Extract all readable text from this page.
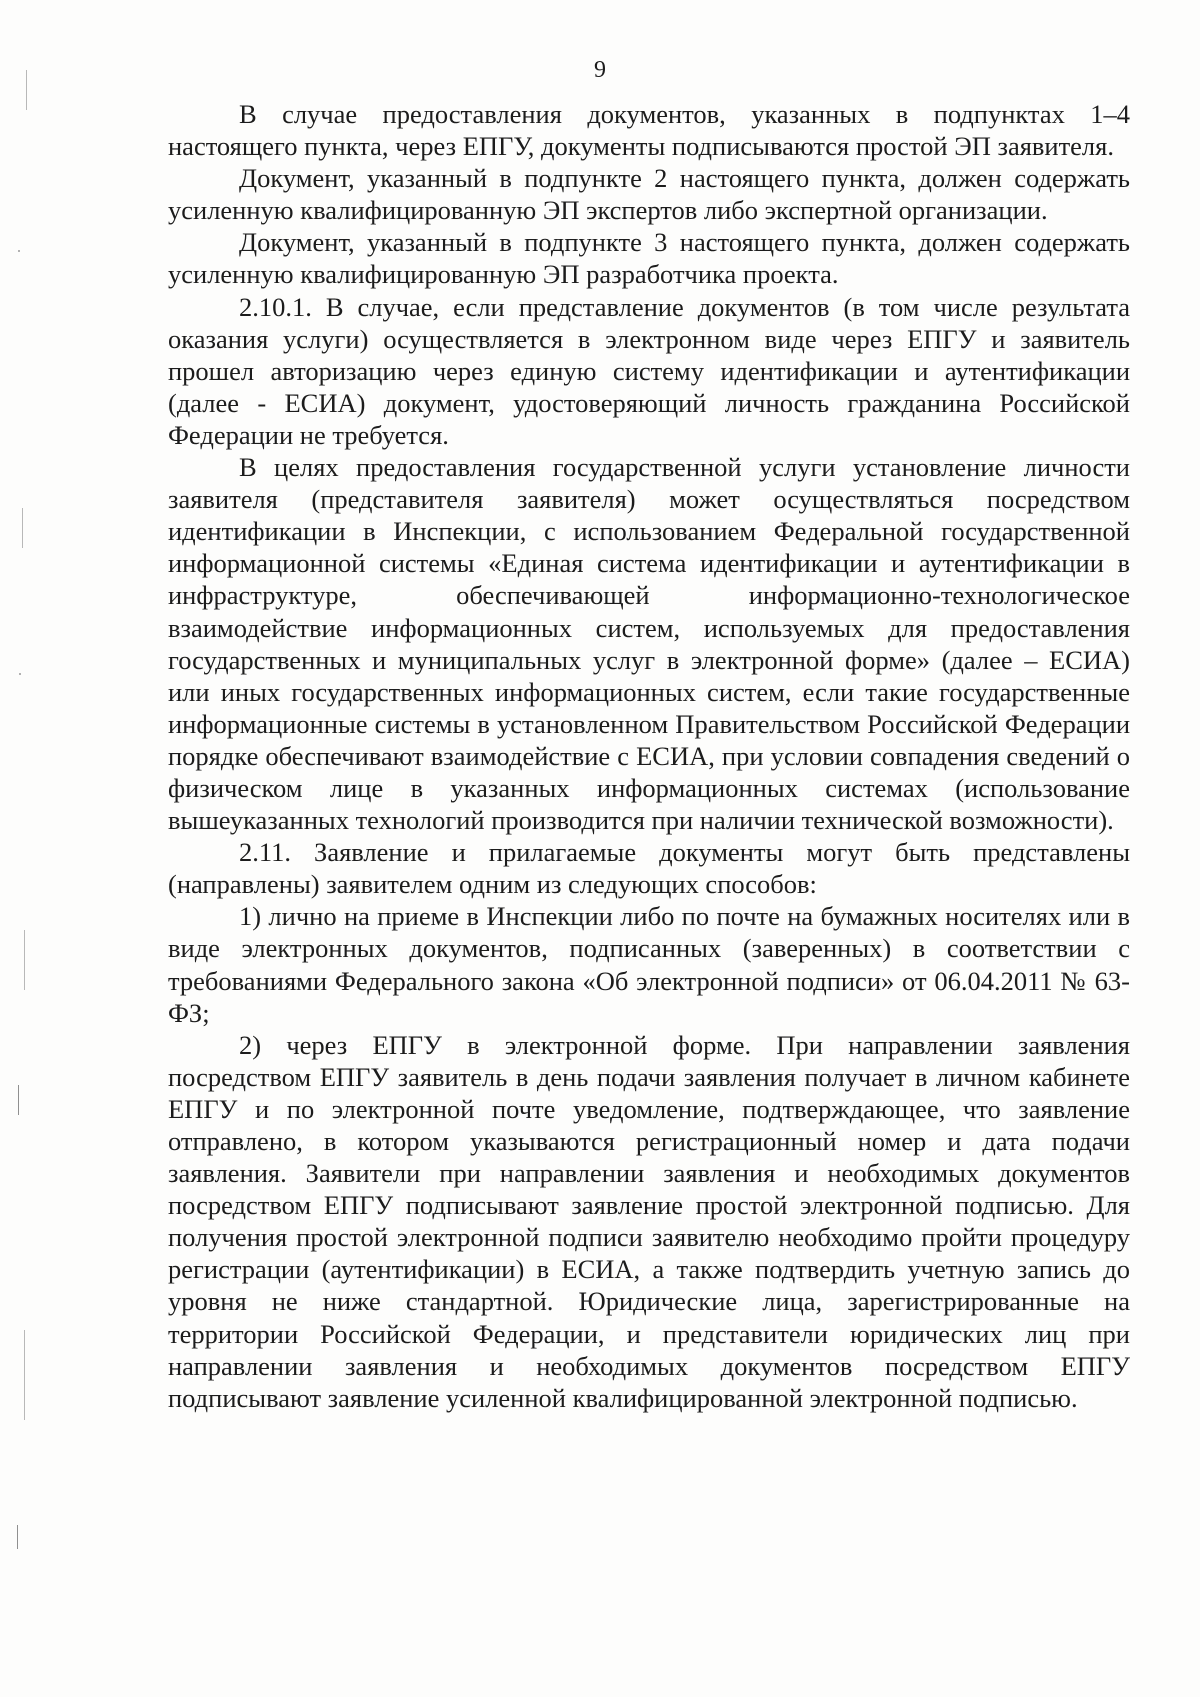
9

В случае предоставления документов, указанных в подпунктах 1–4 настоящего пункта, через ЕПГУ, документы подписываются простой ЭП заявителя.

Документ, указанный в подпункте 2 настоящего пункта, должен содержать усиленную квалифицированную ЭП экспертов либо экспертной организации.

Документ, указанный в подпункте 3 настоящего пункта, должен содержать усиленную квалифицированную ЭП разработчика проекта.

2.10.1. В случае, если представление документов (в том числе результата оказания услуги) осуществляется в электронном виде через ЕПГУ и заявитель прошел авторизацию через единую систему идентификации и аутентификации (далее - ЕСИА) документ, удостоверяющий личность гражданина Российской Федерации не требуется.

В целях предоставления государственной услуги установление личности заявителя (представителя заявителя) может осуществляться посредством идентификации в Инспекции, с использованием Федеральной государственной информационной системы «Единая система идентификации и аутентификации в инфраструктуре, обеспечивающей информационно-технологическое взаимодействие информационных систем, используемых для предоставления государственных и муниципальных услуг в электронной форме» (далее – ЕСИА) или иных государственных информационных систем, если такие государственные информационные системы в установленном Правительством Российской Федерации порядке обеспечивают взаимодействие с ЕСИА, при условии совпадения сведений о физическом лице в указанных информационных системах (использование вышеуказанных технологий производится при наличии технической возможности).

2.11. Заявление и прилагаемые документы могут быть представлены (направлены) заявителем одним из следующих способов:

1) лично на приеме в Инспекции либо по почте на бумажных носителях или в виде электронных документов, подписанных (заверенных) в соответствии с требованиями Федерального закона «Об электронной подписи» от 06.04.2011 № 63-ФЗ;

2) через ЕПГУ в электронной форме. При направлении заявления посредством ЕПГУ заявитель в день подачи заявления получает в личном кабинете ЕПГУ и по электронной почте уведомление, подтверждающее, что заявление отправлено, в котором указываются регистрационный номер и дата подачи заявления. Заявители при направлении заявления и необходимых документов посредством ЕПГУ подписывают заявление простой электронной подписью. Для получения простой электронной подписи заявителю необходимо пройти процедуру регистрации (аутентификации) в ЕСИА, а также подтвердить учетную запись до уровня не ниже стандартной. Юридические лица, зарегистрированные на территории Российской Федерации, и представители юридических лиц при направлении заявления и необходимых документов посредством ЕПГУ подписывают заявление усиленной квалифицированной электронной подписью.
